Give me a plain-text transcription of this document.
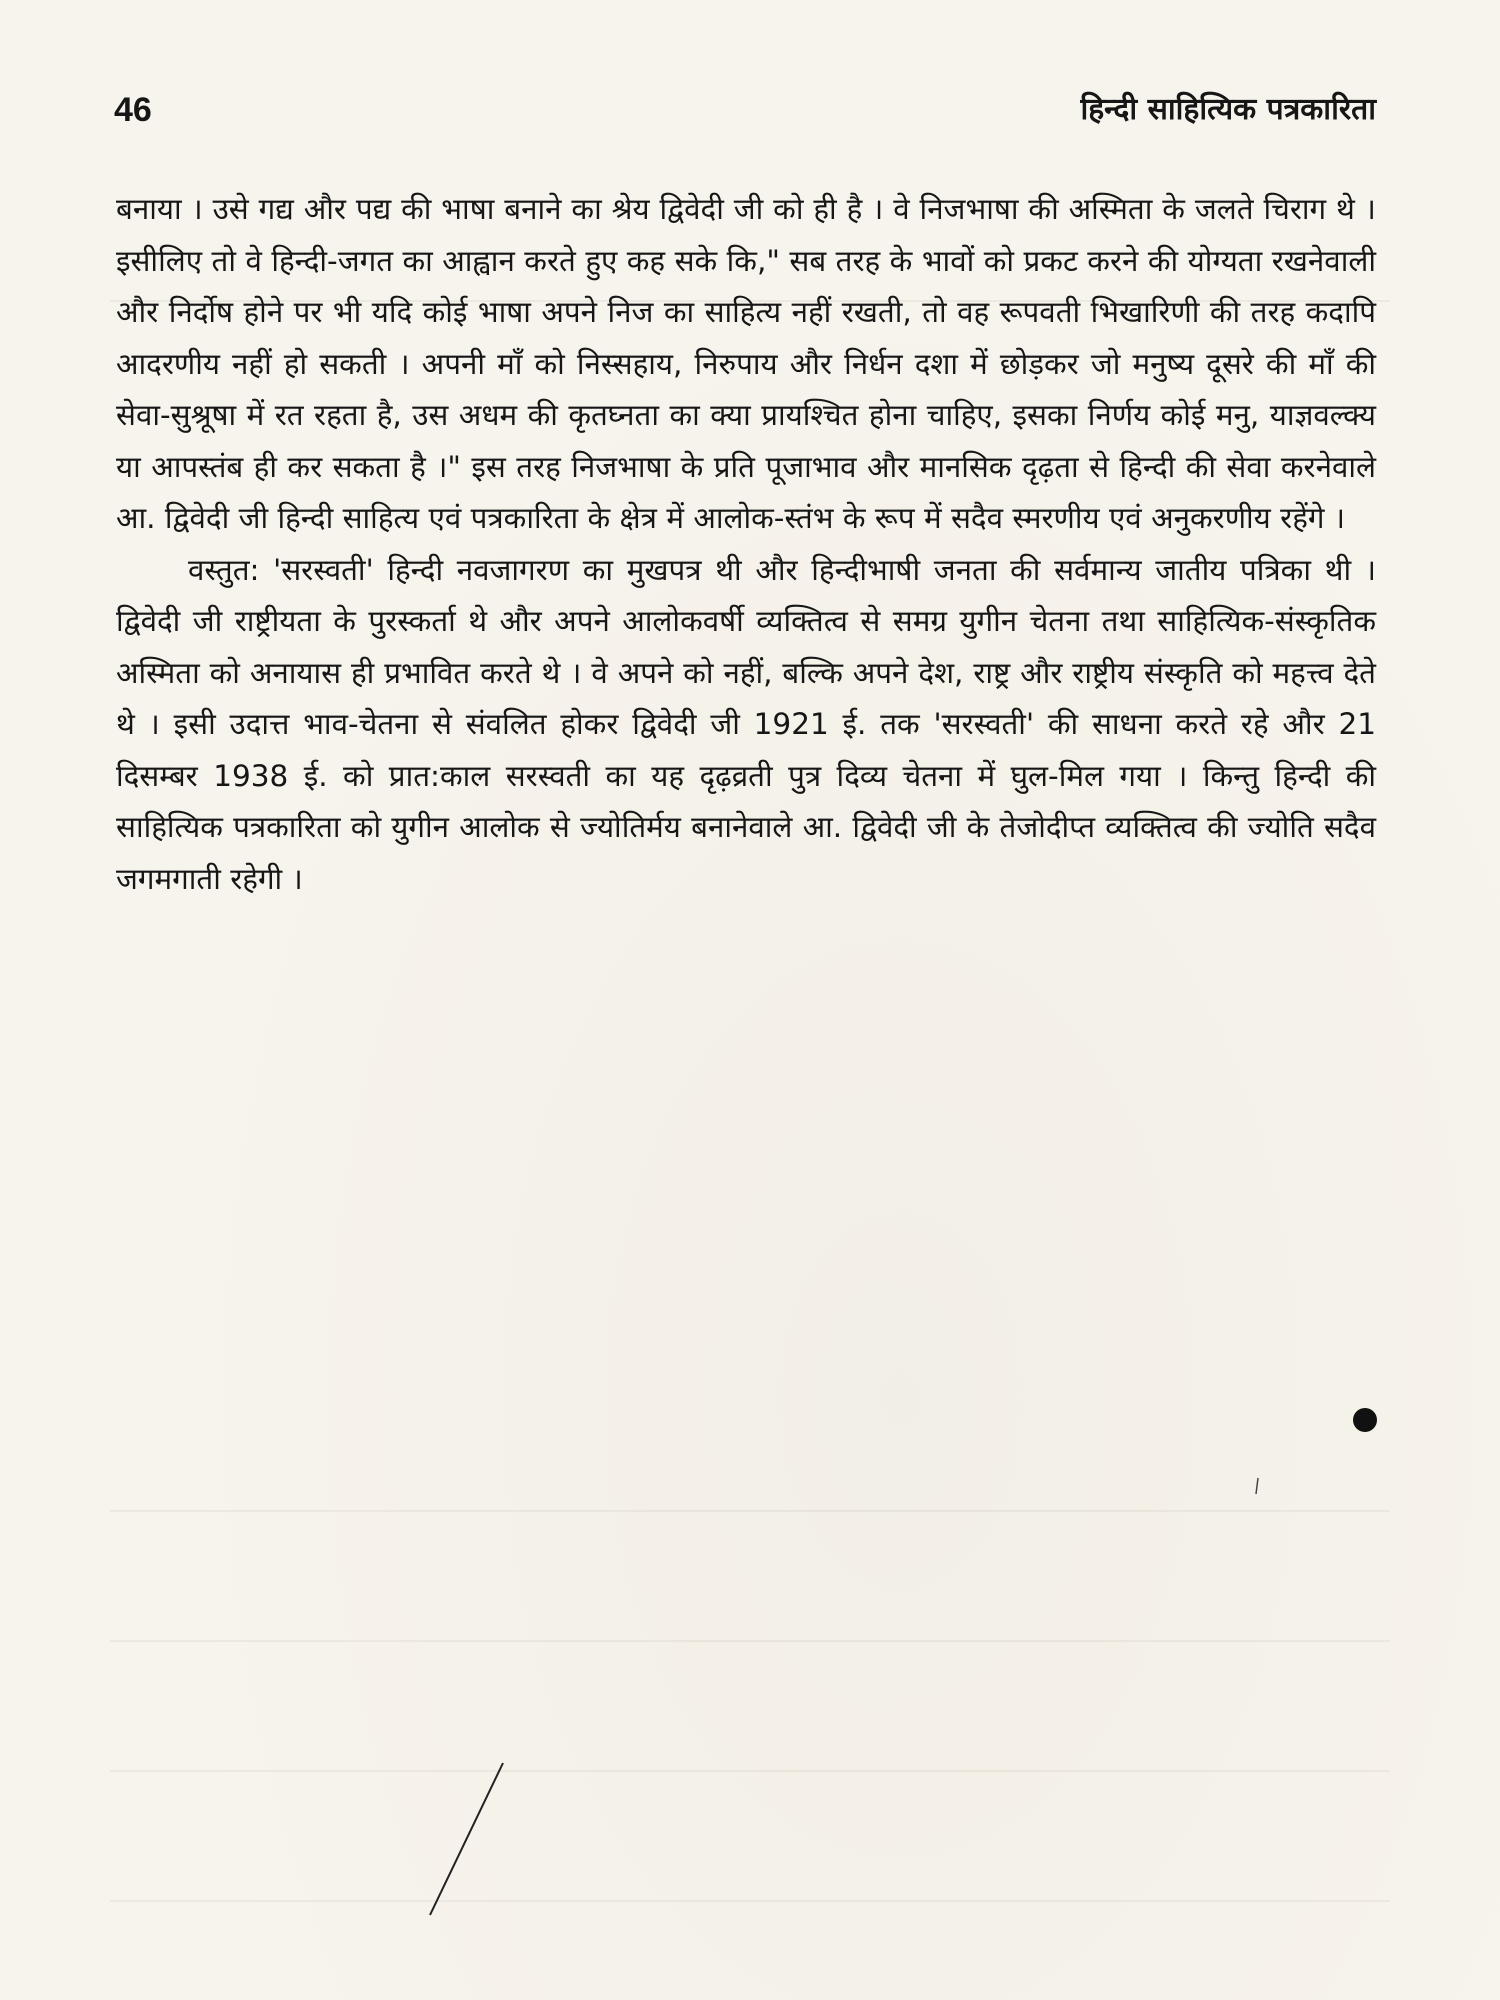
46	हिन्दी साहित्यिक पत्रकारिता

बनाया । उसे गद्य और पद्य की भाषा बनाने का श्रेय द्विवेदी जी को ही है । वे निजभाषा की अस्मिता के जलते चिराग थे । इसीलिए तो वे हिन्दी-जगत का आह्वान करते हुए कह सके कि," सब तरह के भावों को प्रकट करने की योग्यता रखनेवाली और निर्दोष होने पर भी यदि कोई भाषा अपने निज का साहित्य नहीं रखती, तो वह रूपवती भिखारिणी की तरह कदापि आदरणीय नहीं हो सकती । अपनी माँ को निस्सहाय, निरुपाय और निर्धन दशा में छोड़कर जो मनुष्य दूसरे की माँ की सेवा-सुश्रूषा में रत रहता है, उस अधम की कृतघ्नता का क्या प्रायश्चित होना चाहिए, इसका निर्णय कोई मनु, याज्ञवल्क्य या आपस्तंब ही कर सकता है ।" इस तरह निजभाषा के प्रति पूजाभाव और मानसिक दृढ़ता से हिन्दी की सेवा करनेवाले आ. द्विवेदी जी हिन्दी साहित्य एवं पत्रकारिता के क्षेत्र में आलोक-स्तंभ के रूप में सदैव स्मरणीय एवं अनुकरणीय रहेंगे ।

वस्तुत: 'सरस्वती' हिन्दी नवजागरण का मुखपत्र थी और हिन्दीभाषी जनता की सर्वमान्य जातीय पत्रिका थी । द्विवेदी जी राष्ट्रीयता के पुरस्कर्ता थे और अपने आलोकवर्षी व्यक्तित्व से समग्र युगीन चेतना तथा साहित्यिक-संस्कृतिक अस्मिता को अनायास ही प्रभावित करते थे । वे अपने को नहीं, बल्कि अपने देश, राष्ट्र और राष्ट्रीय संस्कृति को महत्त्व देते थे । इसी उदात्त भाव-चेतना से संवलित होकर द्विवेदी जी 1921 ई. तक 'सरस्वती' की साधना करते रहे और 21 दिसम्बर 1938 ई. को प्रात:काल सरस्वती का यह दृढ़व्रती पुत्र दिव्य चेतना में घुल-मिल गया । किन्तु हिन्दी की साहित्यिक पत्रकारिता को युगीन आलोक से ज्योतिर्मय बनानेवाले आ. द्विवेदी जी के तेजोदीप्त व्यक्तित्व की ज्योति सदैव जगमगाती रहेगी ।
